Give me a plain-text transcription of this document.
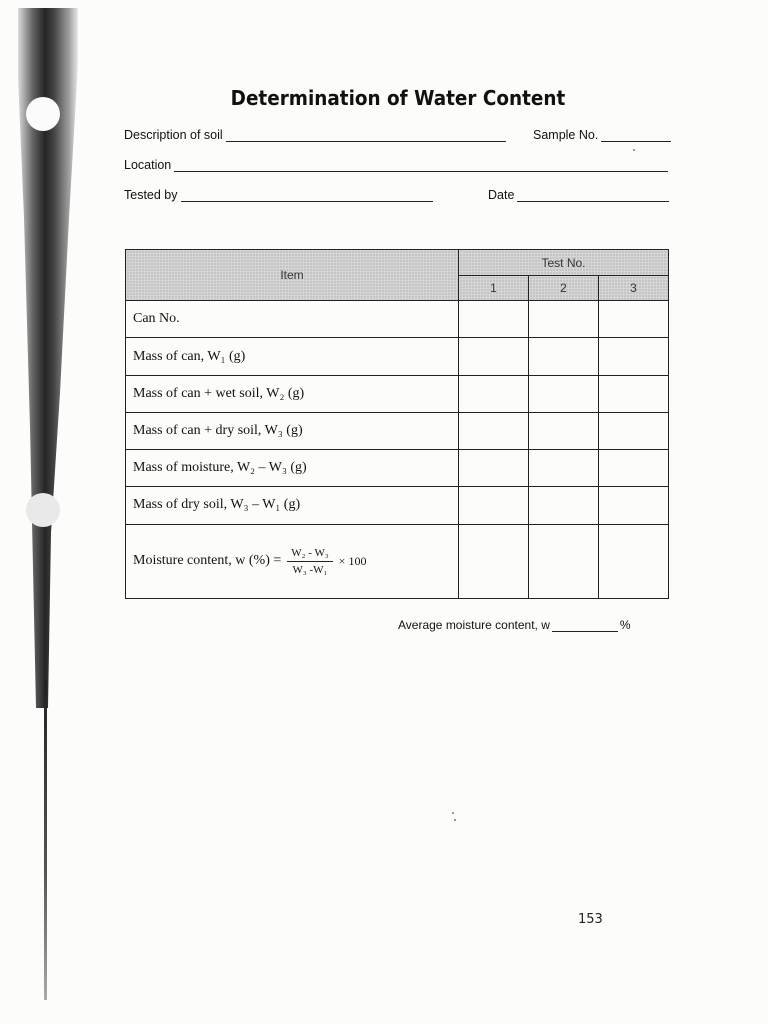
Determination of Water Content
Description of soil	Sample No.
Location
Tested by	Date
Item	Test No.		
	1	2	3
Can No.			
Mass of can, W₁ (g)			
Mass of can + wet soil, W₂ (g)			
Mass of can + dry soil, W₃ (g)			
Mass of moisture, W₂ – W₃ (g)			
Mass of dry soil, W₃ – W₁ (g)			

Moisture content, w (%) = $\frac{\text{W₂ - W₃}}{\text{W₃ -W₁}} \times 100$			

Average moisture content, w	%
153
